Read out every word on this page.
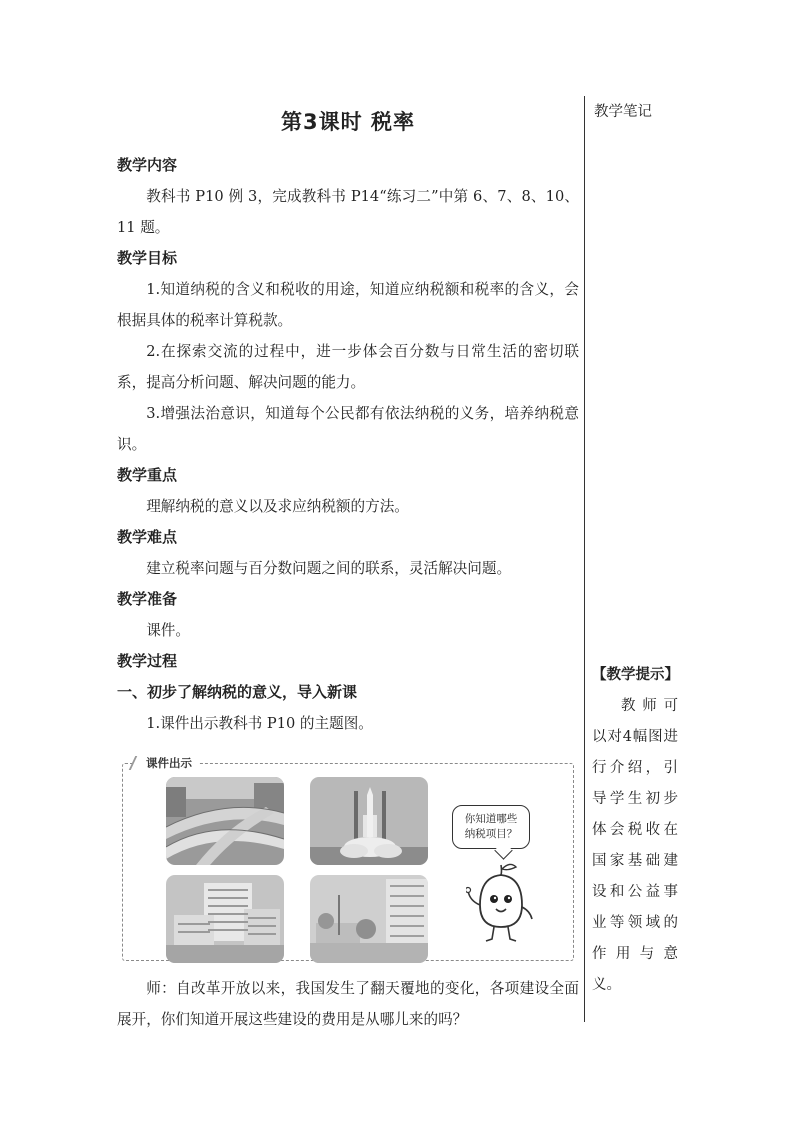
第3课时 税率
教学内容
教科书 P10 例 3，完成教科书 P14“练习二”中第 6、7、8、10、11 题。
教学目标
1.知道纳税的含义和税收的用途，知道应纳税额和税率的含义，会根据具体的税率计算税款。
2.在探索交流的过程中，进一步体会百分数与日常生活的密切联系，提高分析问题、解决问题的能力。
3.增强法治意识，知道每个公民都有依法纳税的义务，培养纳税意识。
教学重点
理解纳税的意义以及求应纳税额的方法。
教学难点
建立税率问题与百分数问题之间的联系，灵活解决问题。
教学准备
课件。
教学过程
一、初步了解纳税的意义，导入新课
1.课件出示教科书 P10 的主题图。
课件出示
你知道哪些
纳税项目？
师：自改革开放以来，我国发生了翻天覆地的变化，各项建设全面展开，你们知道开展这些建设的费用是从哪儿来的吗？
教学笔记
【教学提示】
教师可以对4幅图进行介绍，引导学生初步体会税收在国家基础建设和公益事业等领域的作用与意义。
